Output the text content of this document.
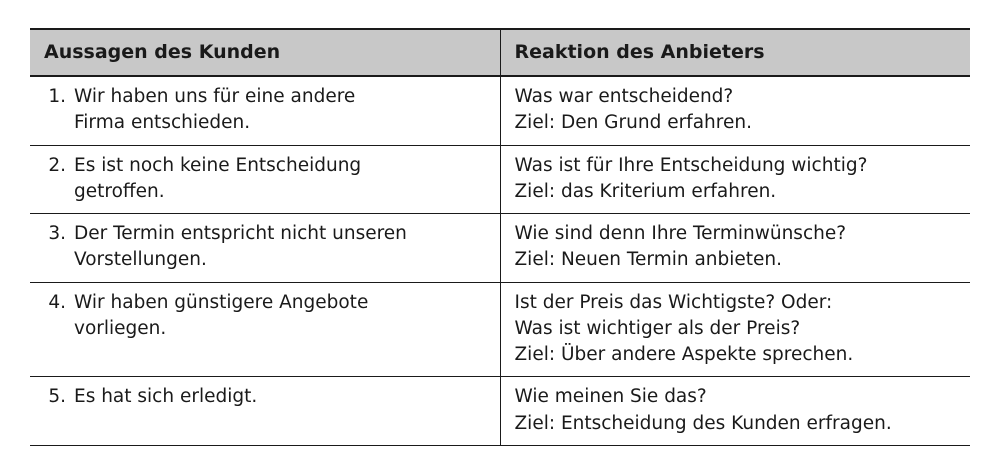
Aussagen des Kunden	Reaktion des Anbieters

1. Wir haben uns für eine andere
Firma entschieden.	Was war entscheidend?
Ziel: Den Grund erfahren.

2. Es ist noch keine Entscheidung
getroffen.	Was ist für Ihre Entscheidung wichtig?
Ziel: das Kriterium erfahren.

3. Der Termin entspricht nicht unseren
Vorstellungen.	Wie sind denn Ihre Terminwünsche?
Ziel: Neuen Termin anbieten.

4. Wir haben günstigere Angebote
vorliegen.	Ist der Preis das Wichtigste? Oder:
Was ist wichtiger als der Preis?
Ziel: Über andere Aspekte sprechen.

5. Es hat sich erledigt.	Wie meinen Sie das?
Ziel: Entscheidung des Kunden erfragen.
